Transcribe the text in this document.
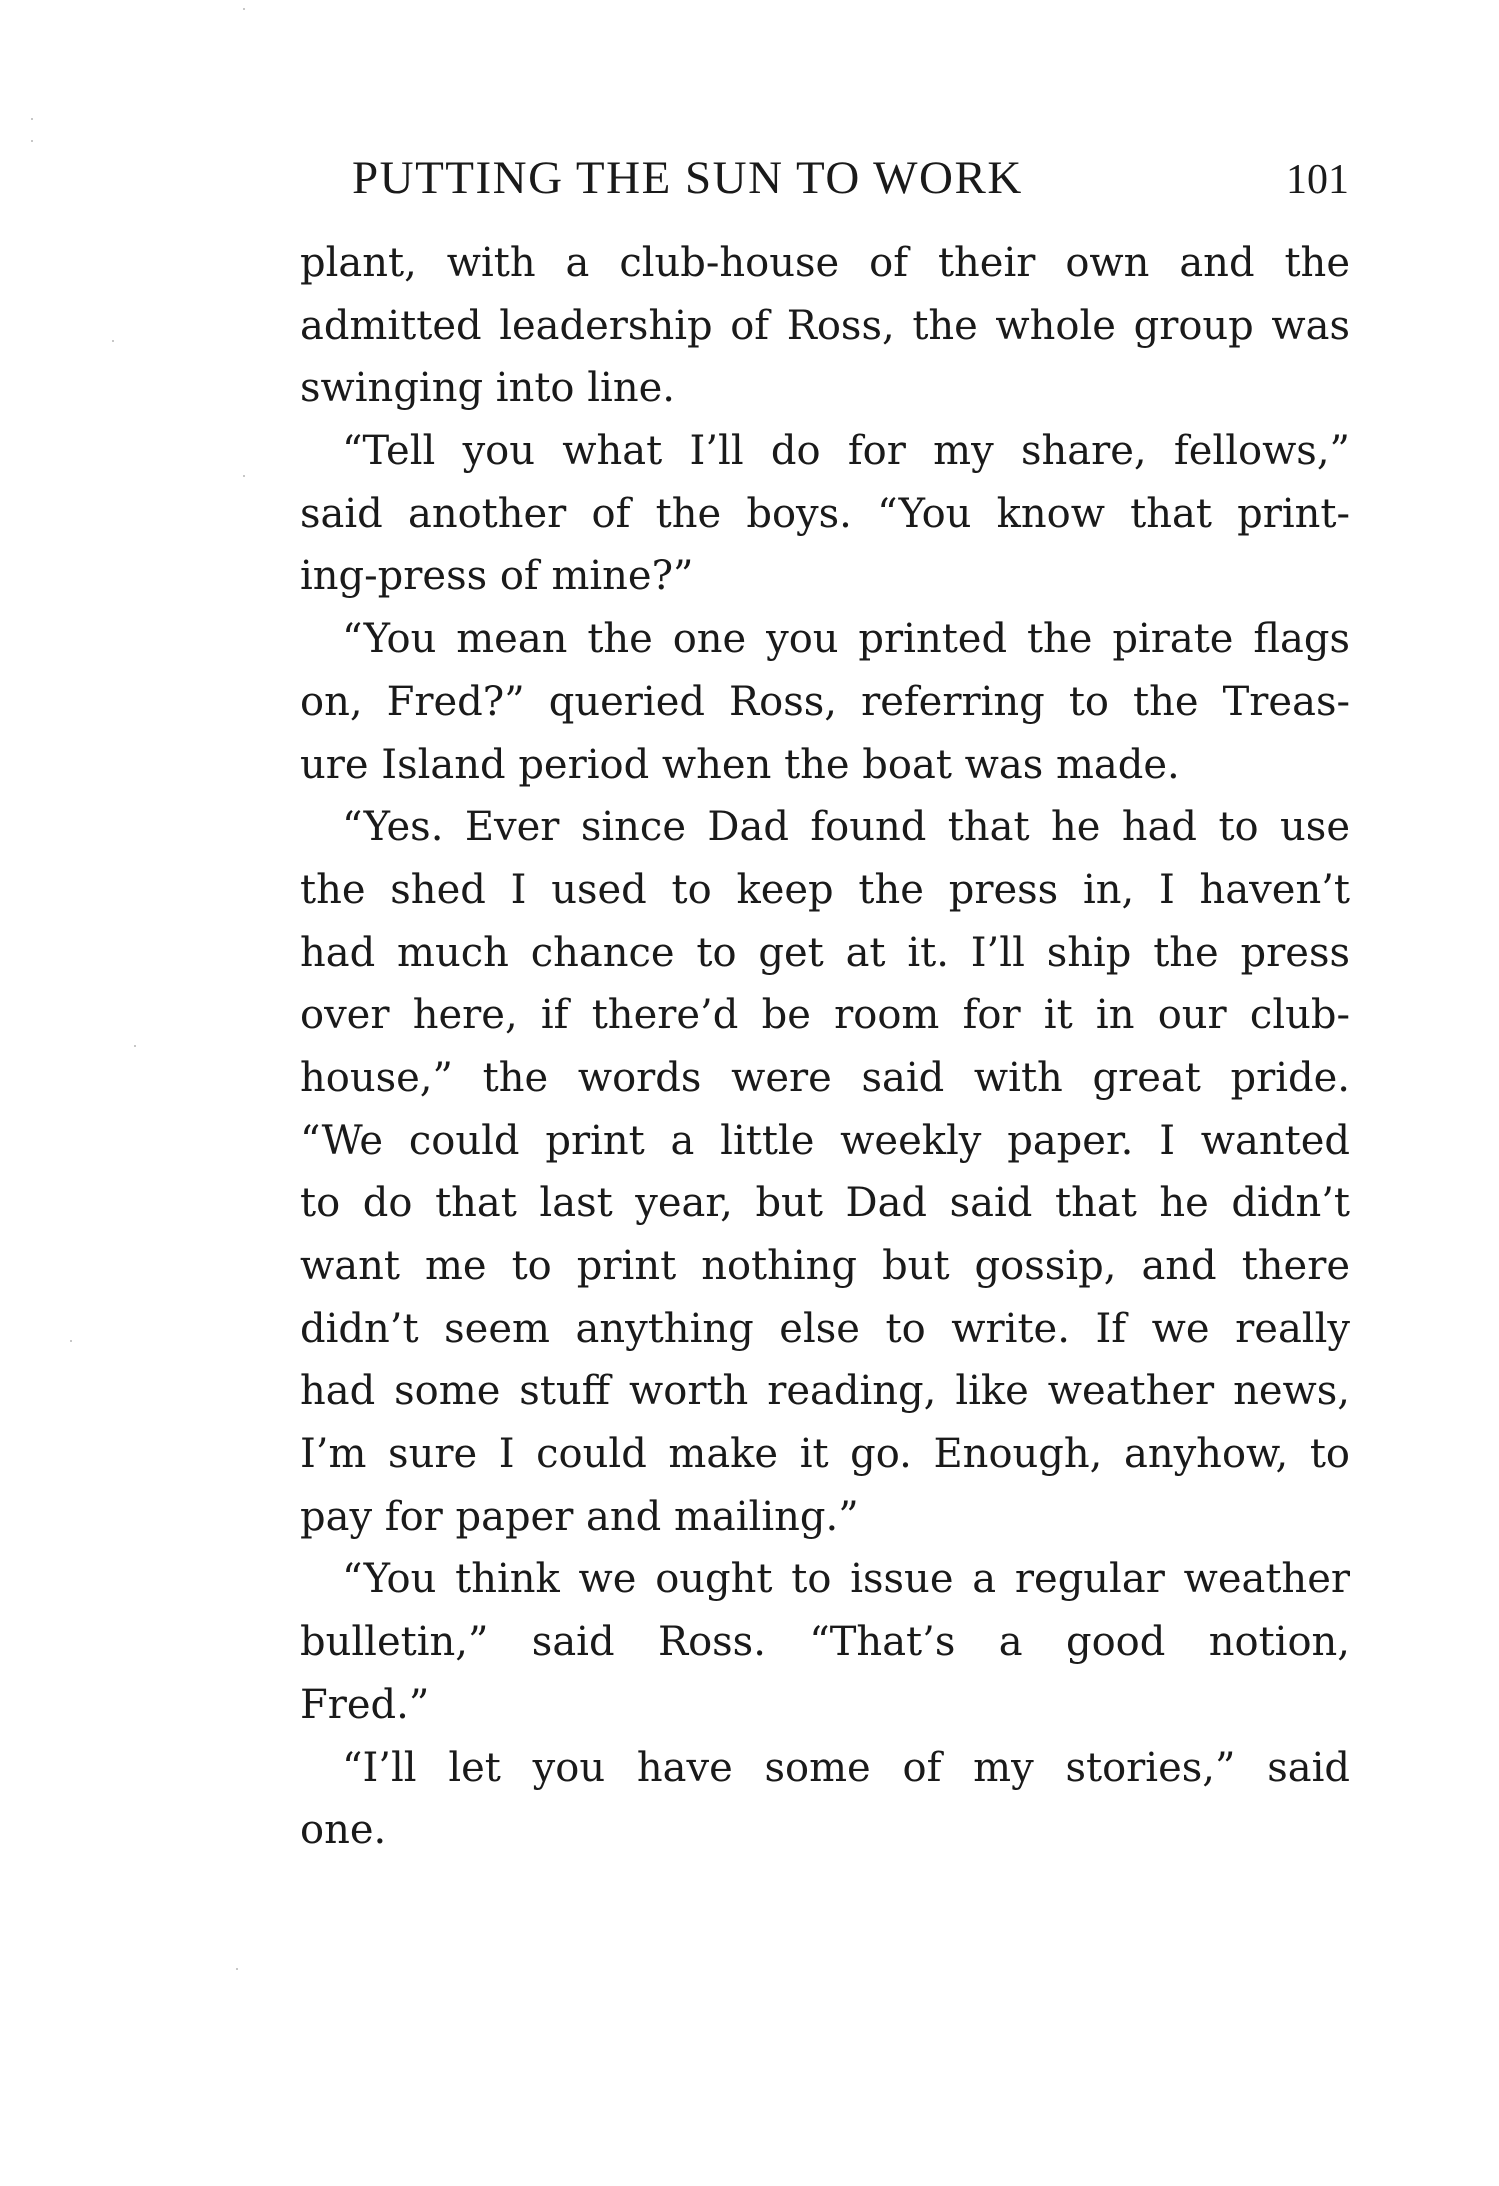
PUTTING THE SUN TO WORK	101
plant, with a club-house of their own and the
admitted leadership of Ross, the whole group was
swinging into line.
“Tell you what I’ll do for my share, fellows,”
said another of the boys. “You know that print-
ing-press of mine?”
“You mean the one you printed the pirate flags
on, Fred?” queried Ross, referring to the Treas-
ure Island period when the boat was made.
“Yes. Ever since Dad found that he had to use
the shed I used to keep the press in, I haven’t
had much chance to get at it. I’ll ship the press
over here, if there’d be room for it in our club-
house,” the words were said with great pride.
“We could print a little weekly paper. I wanted
to do that last year, but Dad said that he didn’t
want me to print nothing but gossip, and there
didn’t seem anything else to write. If we really
had some stuff worth reading, like weather news,
I’m sure I could make it go. Enough, anyhow, to
pay for paper and mailing.”
“You think we ought to issue a regular weather
bulletin,” said Ross. “That’s a good notion,
Fred.”
“I’ll let you have some of my stories,” said
one.
